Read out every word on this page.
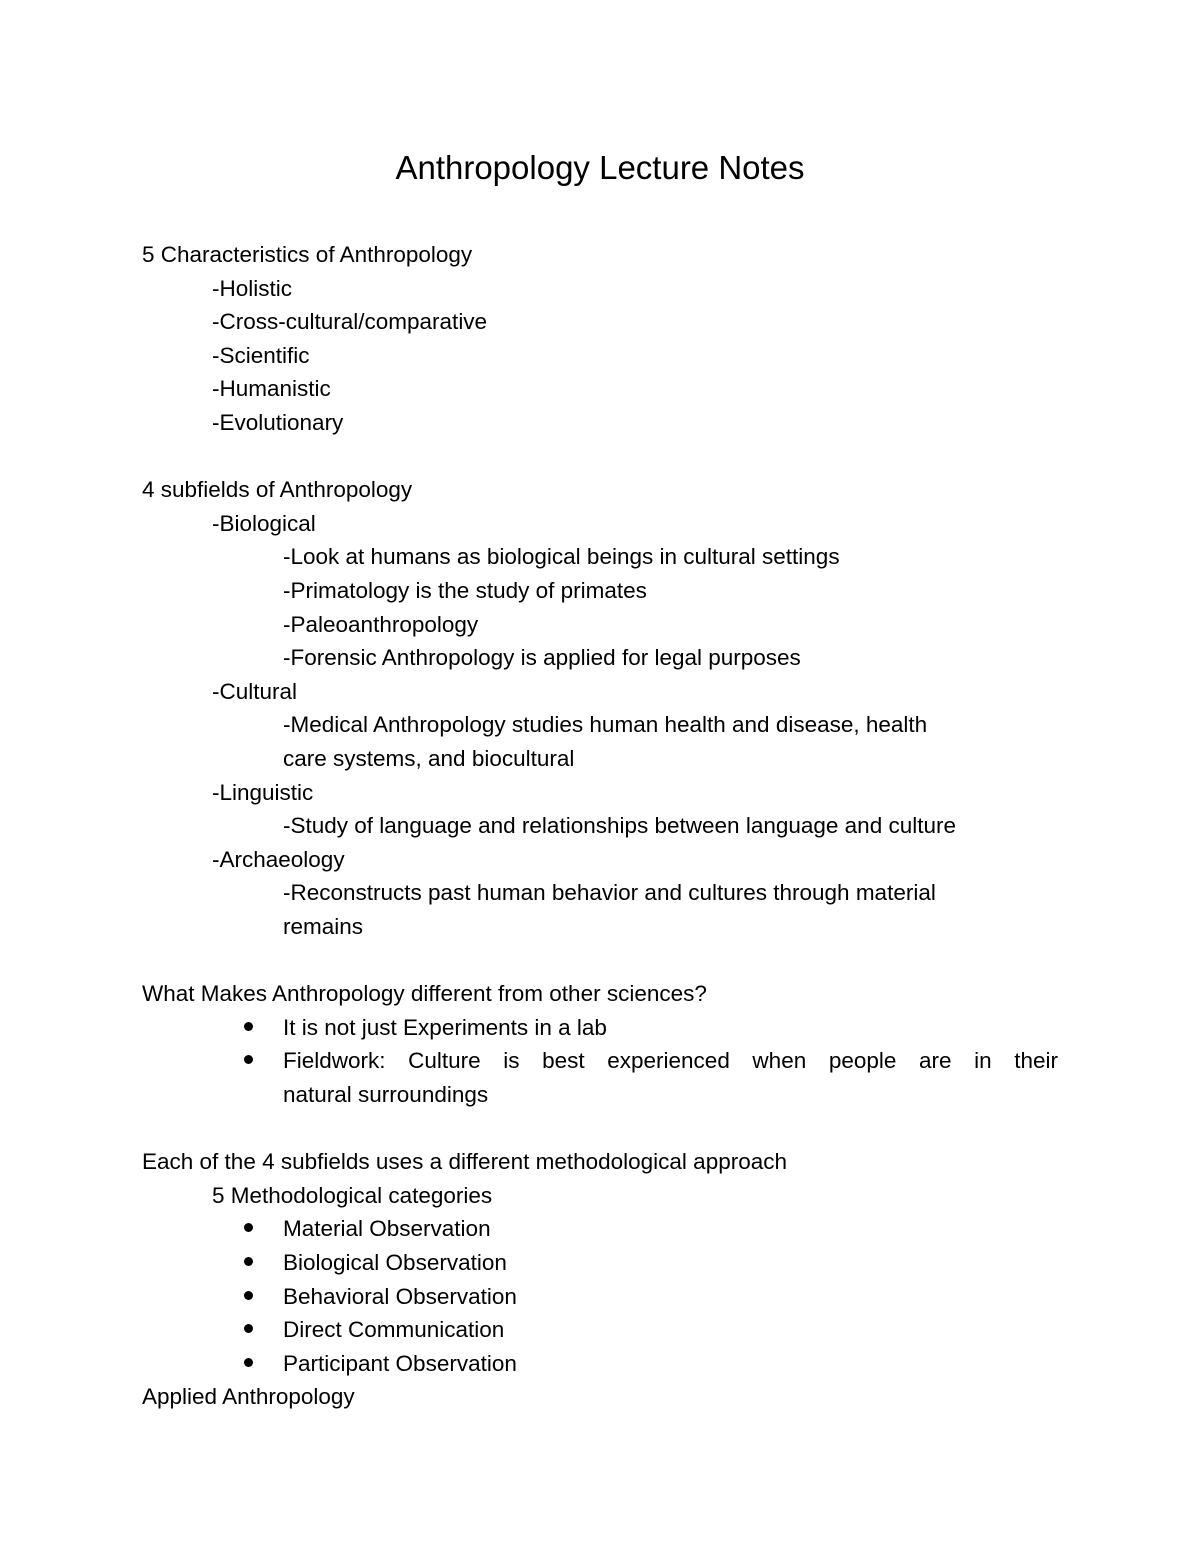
Anthropology Lecture Notes
5 Characteristics of Anthropology
-Holistic
-Cross-cultural/comparative
-Scientific
-Humanistic
-Evolutionary
4 subfields of Anthropology
-Biological
-Look at humans as biological beings in cultural settings
-Primatology is the study of primates
-Paleoanthropology
-Forensic Anthropology is applied for legal purposes
-Cultural
-Medical Anthropology studies human health and disease, health
care systems, and biocultural
-Linguistic
-Study of language and relationships between language and culture
-Archaeology
-Reconstructs past human behavior and cultures through material
remains
What Makes Anthropology different from other sciences?
It is not just Experiments in a lab
Fieldwork: Culture is best experienced when people are in their
natural surroundings
Each of the 4 subfields uses a different methodological approach
5 Methodological categories
Material Observation
Biological Observation
Behavioral Observation
Direct Communication
Participant Observation
Applied Anthropology
